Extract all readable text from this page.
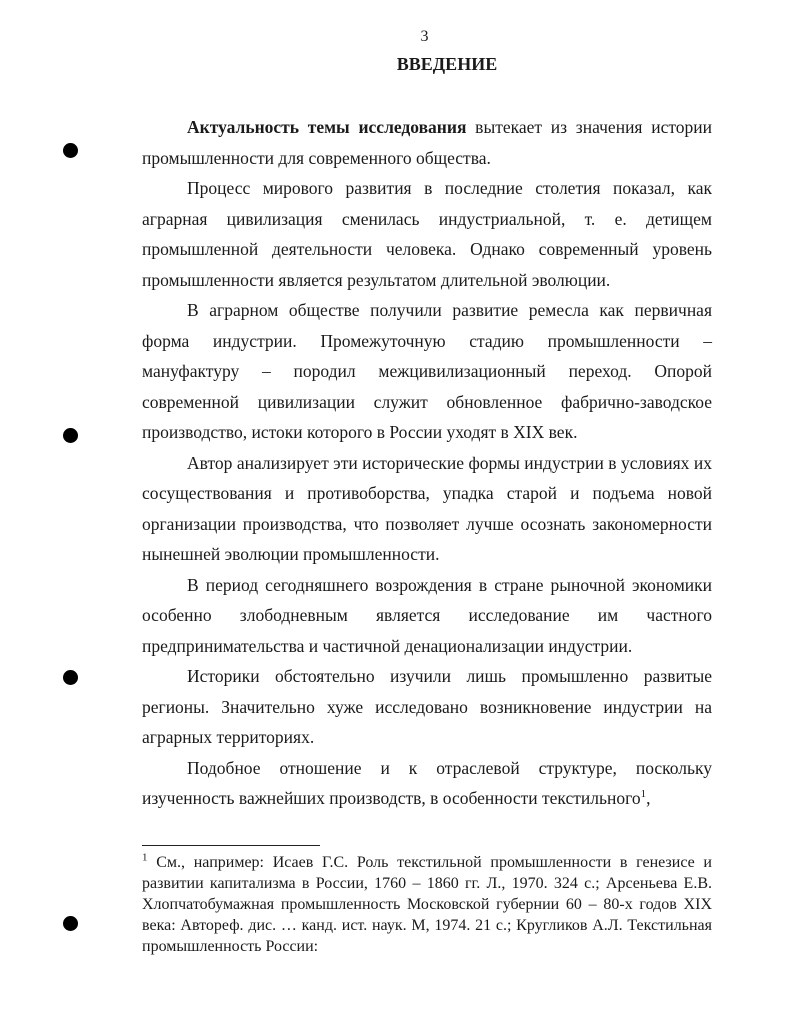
3
ВВЕДЕНИЕ

Актуальность темы исследования вытекает из значения истории промышленности для современного общества.

Процесс мирового развития в последние столетия показал, как аграрная цивилизация сменилась индустриальной, т. е. детищем промышленной деятельности человека. Однако современный уровень промышленности является результатом длительной эволюции.

В аграрном обществе получили развитие ремесла как первичная форма индустрии. Промежуточную стадию промышленности – мануфактуру – породил межцивилизационный переход. Опорой современной цивилизации служит обновленное фабрично-заводское производство, истоки которого в России уходят в XIX век.

Автор анализирует эти исторические формы индустрии в условиях их сосуществования и противоборства, упадка старой и подъема новой организации производства, что позволяет лучше осознать закономерности нынешней эволюции промышленности.

В период сегодняшнего возрождения в стране рыночной экономики особенно злободневным является исследование им частного предпринимательства и частичной денационализации индустрии.

Историки обстоятельно изучили лишь промышленно развитые регионы. Значительно хуже исследовано возникновение индустрии на аграрных территориях.

Подобное отношение и к отраслевой структуре, поскольку изученность важнейших производств, в особенности текстильного$^1$,

$^1$ См., например: Исаев Г.С. Роль текстильной промышленности в генезисе и развитии капитализма в России, 1760 – 1860 гг. Л., 1970. 324 с.; Арсеньева Е.В. Хлопчатобумажная промышленность Московской губернии 60 – 80-х годов XIX века: Автореф. дис. … канд. ист. наук. М, 1974. 21 с.; Кругликов А.Л. Текстильная промышленность России:
